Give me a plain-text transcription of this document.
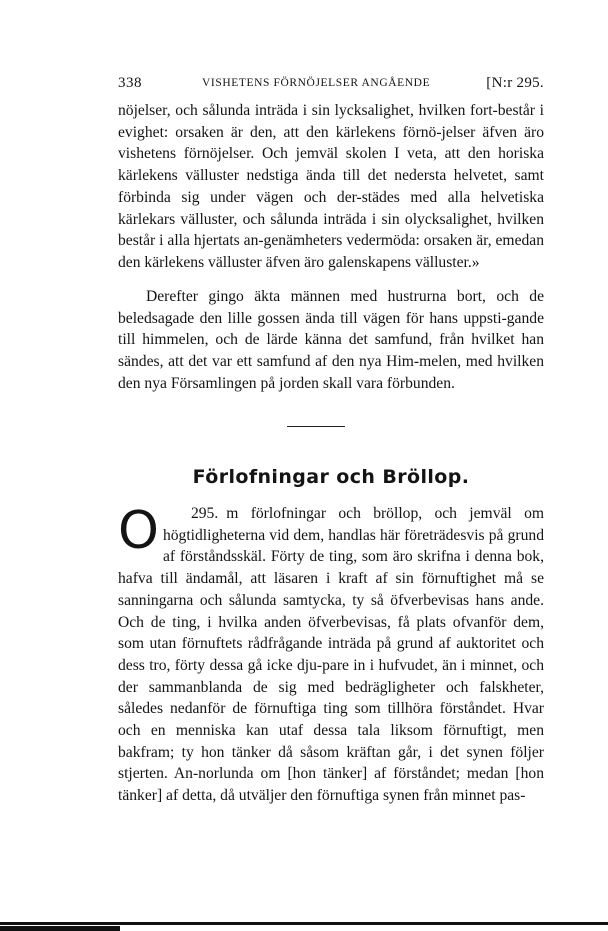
338	VISHETENS FÖRNÖJELSER ANGÅENDE	[N:r 295.

nöjelser, och sålunda inträda i sin lycksalighet, hvilken fort-består i evighet: orsaken är den, att den kärlekens förnö-jelser äfven äro vishetens förnöjelser. Och jemväl skolen I veta, att den horiska kärlekens välluster nedstiga ända till det nedersta helvetet, samt förbinda sig under vägen och der-städes med alla helvetiska kärlekars välluster, och sålunda inträda i sin olycksalighet, hvilken består i alla hjertats an-genämheters vedermöda: orsaken är, emedan den kärlekens välluster äfven äro galenskapens välluster.»

Derefter gingo äkta männen med hustrurna bort, och de beledsagade den lille gossen ända till vägen för hans uppsti-gande till himmelen, och de lärde känna det samfund, från hvilket han sändes, att det var ett samfund af den nya Him-melen, med hvilken den nya Församlingen på jorden skall vara förbunden.

Förlofningar och Bröllop.

295.
O	m förlofningar och bröllop, och jemväl om högtidligheterna vid dem, handlas här företrädesvis på grund af förståndsskäl. Förty de ting, som äro skrifna i denna bok, hafva till ändamål, att läsaren i kraft af sin förnuftighet må se sanningarna och sålunda samtycka, ty så öfverbevisas hans ande. Och de ting, i hvilka anden öfverbevisas, få plats ofvanför dem, som utan förnuftets rådfrågande inträda på grund af auktoritet och dess tro, förty dessa gå icke dju-pare in i hufvudet, än i minnet, och der sammanblanda de sig med bedrägligheter och falskheter, således nedanför de förnuftiga ting som tillhöra förståndet. Hvar och en menniska kan utaf dessa tala liksom förnuftigt, men bakfram; ty hon tänker då såsom kräftan går, i det synen följer stjerten. An-norlunda om [hon tänker] af förståndet; medan [hon tänker] af detta, då utväljer den förnuftiga synen från minnet pas-
